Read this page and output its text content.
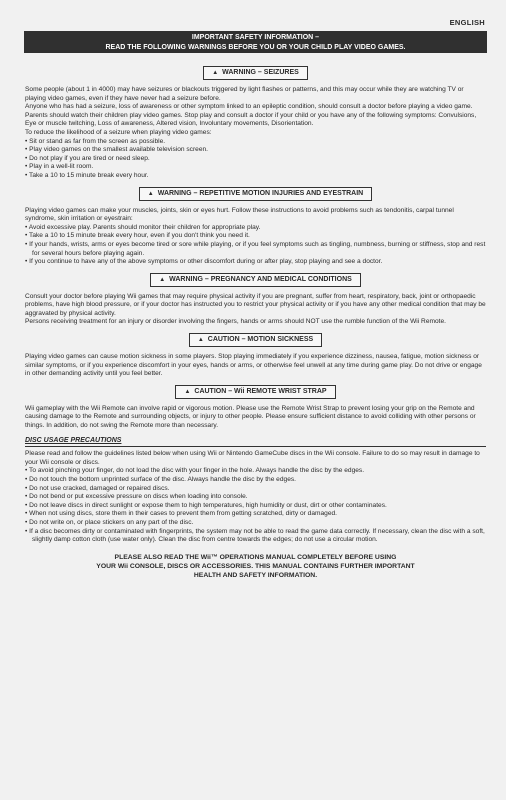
ENGLISH
IMPORTANT SAFETY INFORMATION –
READ THE FOLLOWING WARNINGS BEFORE YOU OR YOUR CHILD PLAY VIDEO GAMES.
▲ WARNING – SEIZURES

Some people (about 1 in 4000) may have seizures or blackouts triggered by light flashes or patterns, and this may occur while they are watching TV or playing video games, even if they have never had a seizure before.

Anyone who has had a seizure, loss of awareness or other symptom linked to an epileptic condition, should consult a doctor before playing a video game.

Parents should watch their children play video games. Stop play and consult a doctor if your child or you have any of the following symptoms: Convulsions, Eye or muscle twitching, Loss of awareness, Altered vision, Involuntary movements, Disorientation.

To reduce the likelihood of a seizure when playing video games:

• Sit or stand as far from the screen as possible.
• Play video games on the smallest available television screen.
• Do not play if you are tired or need sleep.
• Play in a well-lit room.
• Take a 10 to 15 minute break every hour.
▲ WARNING – REPETITIVE MOTION INJURIES AND EYESTRAIN

Playing video games can make your muscles, joints, skin or eyes hurt. Follow these instructions to avoid problems such as tendonitis, carpal tunnel syndrome, skin irritation or eyestrain:

• Avoid excessive play. Parents should monitor their children for appropriate play.
• Take a 10 to 15 minute break every hour, even if you don't think you need it.
• If your hands, wrists, arms or eyes become tired or sore while playing, or if you feel symptoms such as tingling, numbness, burning or stiffness, stop and rest for several hours before playing again.
• If you continue to have any of the above symptoms or other discomfort during or after play, stop playing and see a doctor.
▲ WARNING – PREGNANCY AND MEDICAL CONDITIONS

Consult your doctor before playing Wii games that may require physical activity if you are pregnant, suffer from heart, respiratory, back, joint or orthopaedic problems, have high blood pressure, or if your doctor has instructed you to restrict your physical activity or if you have any other medical condition that may be aggravated by physical activity.

Persons receiving treatment for an injury or disorder involving the fingers, hands or arms should NOT use the rumble function of the Wii Remote.

▲ CAUTION – MOTION SICKNESS

Playing video games can cause motion sickness in some players. Stop playing immediately if you experience dizziness, nausea, fatigue, motion sickness or similar symptoms, or if you experience discomfort in your eyes, hands or arms, or otherwise feel unwell at any time during game play. Do not drive or engage in other demanding activity until you feel better.

▲ CAUTION – Wii REMOTE WRIST STRAP

Wii gameplay with the Wii Remote can involve rapid or vigorous motion. Please use the Remote Wrist Strap to prevent losing your grip on the Remote and causing damage to the Remote and surrounding objects, or injury to other people. Please ensure sufficient distance to avoid colliding with other persons or things. In addition, do not swing the Remote more than necessary.

DISC USAGE PRECAUTIONS

Please read and follow the guidelines listed below when using Wii or Nintendo GameCube discs in the Wii console. Failure to do so may result in damage to your Wii console or discs.

• To avoid pinching your finger, do not load the disc with your finger in the hole. Always handle the disc by the edges.
• Do not touch the bottom unprinted surface of the disc. Always handle the disc by the edges.
• Do not use cracked, damaged or repaired discs.
• Do not bend or put excessive pressure on discs when loading into console.
• Do not leave discs in direct sunlight or expose them to high temperatures, high humidity or dust, dirt or other contaminates.
• When not using discs, store them in their cases to prevent them from getting scratched, dirty or damaged.
• Do not write on, or place stickers on any part of the disc.
• If a disc becomes dirty or contaminated with fingerprints, the system may not be able to read the game data correctly. If necessary, clean the disc with a soft, slightly damp cotton cloth (use water only). Clean the disc from centre towards the edges; do not use a circular motion.
PLEASE ALSO READ THE Wii™ OPERATIONS MANUAL COMPLETELY BEFORE USING
YOUR Wii CONSOLE, DISCS OR ACCESSORIES. THIS MANUAL CONTAINS FURTHER IMPORTANT
HEALTH AND SAFETY INFORMATION.
